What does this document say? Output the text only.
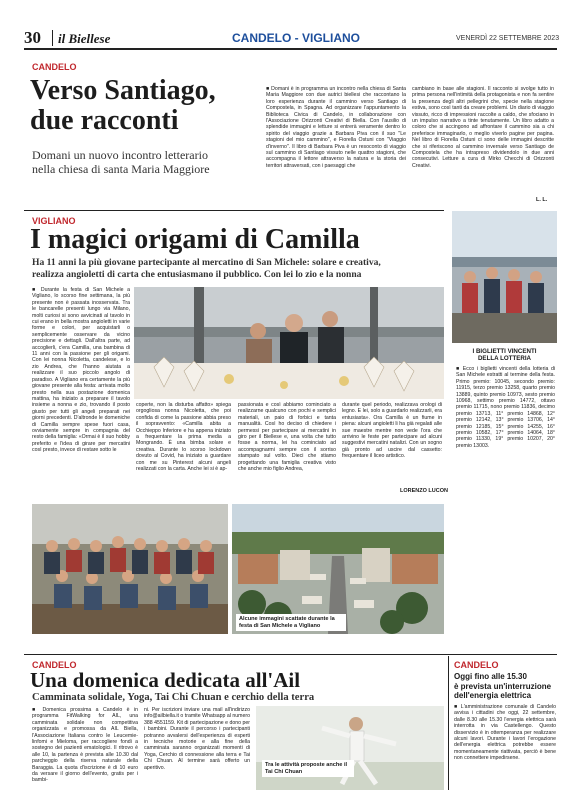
30 il Biellese	CANDELO - VIGLIANO	VENERDÌ 22 SETTEMBRE 2023
CANDELO
Verso Santiago,
due racconti
Domani un nuovo incontro letterario
nella chiesa di santa Maria Maggiore
■ Domani è in programma un incontro nella chiesa di Santa Maria Maggiore con due autrici biellesi che raccontano la loro esperienza durante il cammino verso Santiago di Compostela, in Spagna. Ad organizzare l'appuntamento la Biblioteca Civica di Candelo, in collaborazione con l'Associazione Orizzonti Creativi di Biella. Con l'ausilio di splendide immagini e letture si entrerà veramente dentro lo spirito del viaggio grazie a Barbara Piva con il suo "Le stagioni del mio cammino", e Fiorella Ostuni con "Viaggio d'inverno". Il libro di Barbara Piva è un resoconto di viaggio sul cammino di Santiago vissuto nelle quattro stagioni, che accompagna il lettore attraverso la natura e la storia dei territori attraversati, con i paesaggi che
cambiano in base alle stagioni. Il racconto si svolge tutto in prima persona nell'intimità della protagonista e non fa sentire la presenza degli altri pellegrini che, specie nella stagione estiva, sono così tanti da creare problemi. Un diario di viaggio vissuto, ricco di impressioni raccolte a caldo, che sfociano in un impulso narrativo a tinte tenutamente. Un libro adatto a coloro che si accingono ad affrontare il cammino sia a chi preferisce immaginarlo, o meglio viverlo pagine per pagina. Nel libro di Fiorella Ostuni ci sono delle immagini descritte che si riferiscono al cammino invernale verso Santiago de Compostela che ha intrapreso dividendolo in due anni consecutivi. Letture a cura di Mirko Checchi di Orizzonti Creativi.
L. L.
VIGLIANO
I magici origami di Camilla
Ha 11 anni la più giovane partecipante al mercatino di San Michele: solare e creativa,
realizza angioletti di carta che entusiasmano il pubblico. Con lei lo zio e la nonna
■ Durante la festa di San Michele a Vigliano, lo scorso fine settimana, la più presente non è passata inosservata. Tra le bancarelle presenti lungo via Milano, molti curiosi si sono avvicinati al tavolo in cui erano in bella mostra angioletti in varie forme e colori, per acquistarli o semplicemente osservare da vicino precisione e dettagli. Dall'altra parte, ad accoglierli, c'era Camilla, una bambina di 11 anni con la passione per gli origami. Con lei nonna Nicoletta, candelese, e lo zio Andrea, che l'hanno aiutata a realizzare il suo piccolo angolo di paradiso. A Vigliano era certamente la più giovane presente alla festa: arrivata molto presto nella sua postazione domenica mattina, ha iniziato a preparare il tavolo insieme a nonna e zio, trovando il posto giusto per tutti gli angeli preparati nei giorni precedenti. D'altronde le domeniche di Camilla sempre spese fuori casa, ovviamente sempre in compagnia del resto della famiglia: «Ormai è il suo hobby preferito e l'idea di girare per mercatini così presto, invece di restare sotto le
coperte, non la disturba affatto» spiega orgogliosa nonna Nicoletta, che poi confida di come la passione abbia preso il sopravvento: «Camilla abita a Occhieppo Inferiore e ha appena iniziato a frequentare la prima media a Mongrando. È una bimba solare e creativa. Durante lo scorso lockdown dovuto al Covid, ha iniziato a guardare con me su Pinterest alcuni angeli realizzati con la carta. Anche lei si è ap-
passionata e così abbiamo cominciato a realizzarne qualcuno con pochi e semplici materiali, un paio di forbici e tanta manualità. Così ho deciso di chiedere i permessi per partecipare ai mercatini in giro per il Biellese e, una volta che tutto fosse a norma, lei ha cominciato ad accompagnarmi sempre con il sorriso stampato sul volto. Dieci che stiamo progettando una famiglia creativa visto che anche mio figlio Andrea,
durante quel periodo, realizzava orologi di legno. E lei, solo a guardarlo realizzarli, era entusiasta». Ora Camilla è un fiume in piena: alcuni angioletti li ha già regalati alle sue maestre mentre non vede l'ora che arrivino le feste per partecipare ad alcuni suggestivi mercatini natalizi. Con un sogno già pronto ad uscire dal cassetto: frequentare il liceo artistico.
LORENZO LUCON
Alcune immagini scattate durante la festa di San Michele a Vigliano
I BIGLIETTI VINCENTI
DELLA LOTTERIA
■ Ecco i biglietti vincenti della lotteria di San Michele estratti al termine della festa. Primo premio: 10045, secondo premio: 11915, terzo premio 13258, quarto premio 13889, quinto premio 10973, sesto premio 10968, settimo premio 14772, ottavo premio 11715, nono premio 11836, decimo premio 13713, 11° premio 14868, 12° premio 12142, 13° premio 13706, 14° premio 12185, 15° premio 14255, 16° premio 10582, 17° premio 14064, 18° premio 11330, 19° premio 10207, 20° premio 13003.
CANDELO
Una domenica dedicata all'Ail
Camminata solidale, Yoga, Tai Chi Chuan e cerchio della terra
■ Domenica prossima a Candelo è in programma FitWalking for AIL, una camminata solidale non competitiva organizzata e promossa da AIL Biella, l'Associazione Italiana contro le Leucemie-linfomi e Mieloma, per raccogliere fondi a sostegno dei pazienti ematologici. Il ritrovo è alle 10, la partenza è prevista alle 10.30 dal parcheggio della riserva naturale della Baraggia. La quota d'iscrizione è di 10 euro da versare il giorno dell'evento, gratis per i bambi-
ni. Per iscrizioni inviare una mail all'indirizzo info@ailbiella.it o tramite Whatsapp al numero 388 4551159. Kit di partecipazione e dono per i bambini. Durante il percorso i partecipanti potranno avvalersi dell'esperienza di esperti in tecniche motorie e alla fine della camminata saranno organizzati momenti di Yoga, Cerchio di connessione alla terra e Tai Chi Chuan. Al termine sarà offerto un aperitivo.	Tra le attività proposte anche il Tai Chi Chuan
CANDELO
Oggi fino alle 15.30
è prevista un'interruzione
dell'energia elettrica
■ L'amministrazione comunale di Candelo avvisa i cittadini che oggi, 22 settembre, dalle 8.30 alle 15.30 l'energia elettrica sarà interrotta in via Castellengo. Questo disservizio è in ottemperanza per realizzare alcuni lavori. Durante i lavori l'erogazione dell'energia elettrica potrebbe essere momentaneamente riattivata, perciò è bene non connettere impedirsene.
